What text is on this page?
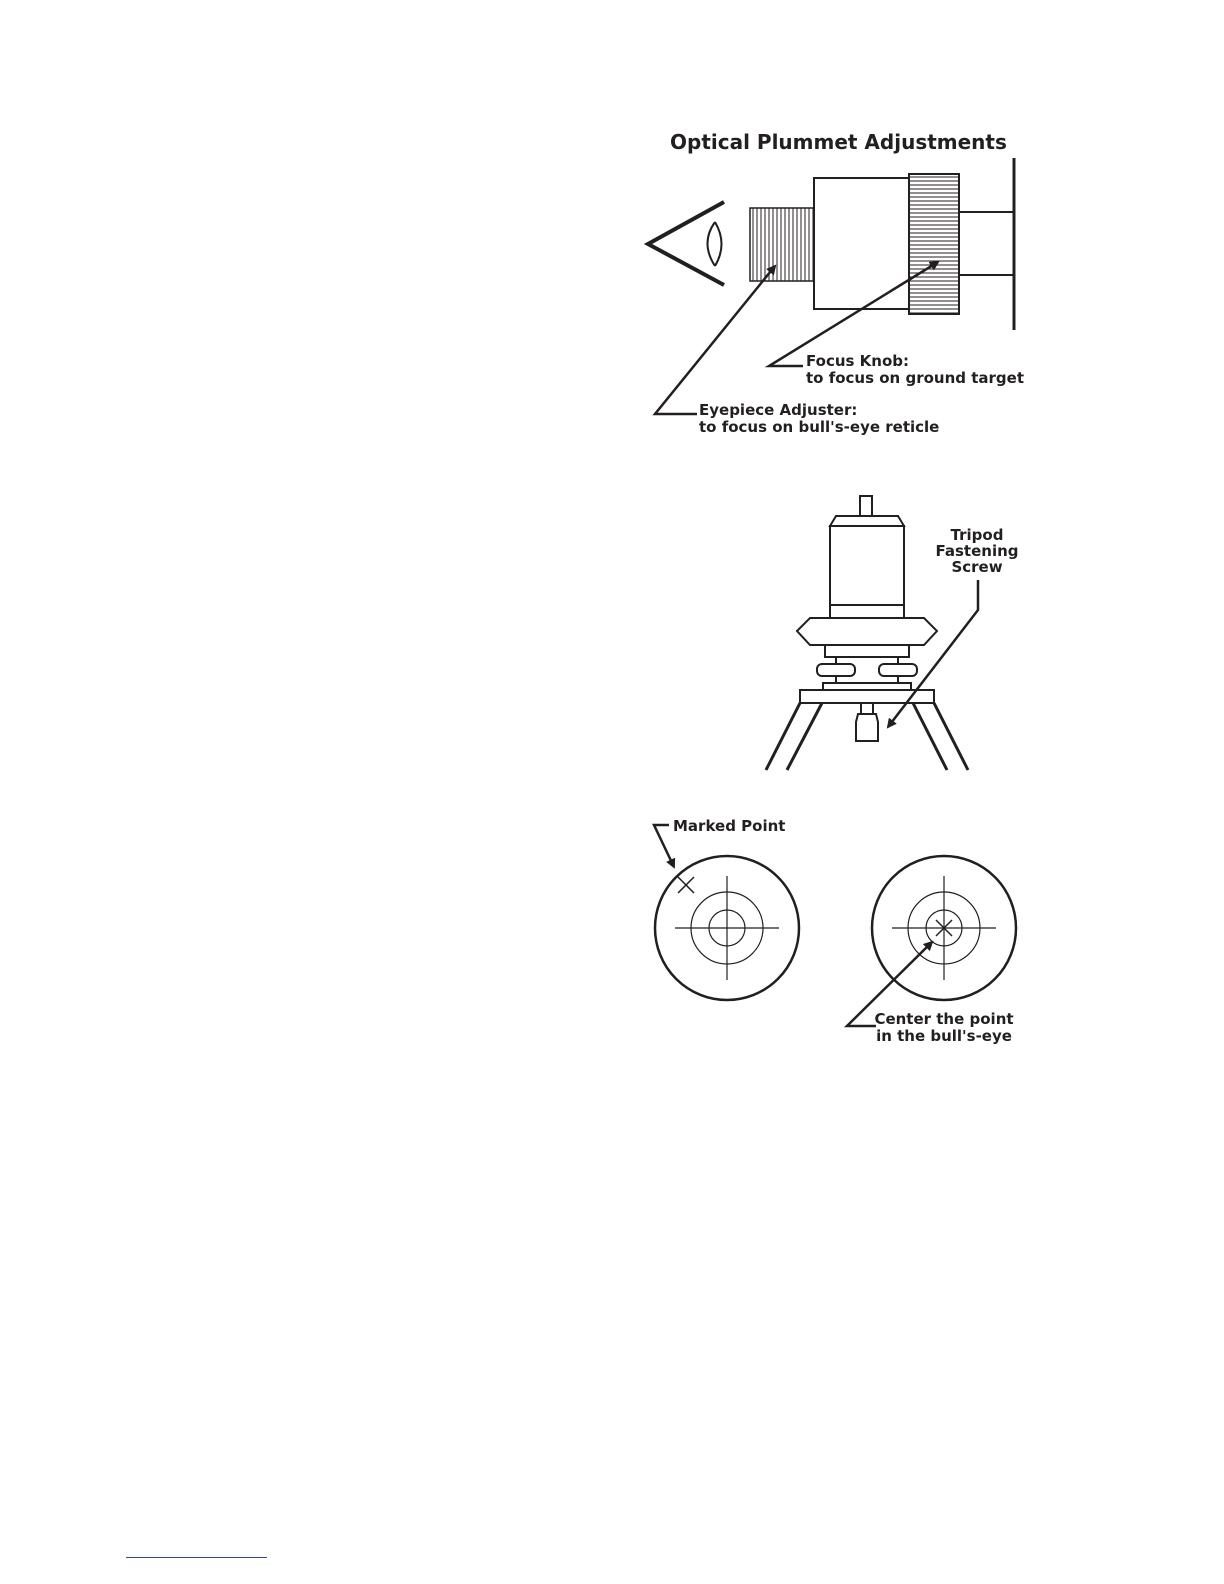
Optical Plummet Adjustments
Focus Knob:
to focus on ground target
Eyepiece Adjuster:
to focus on bull's-eye reticle
Tripod
Fastening
Screw
Marked Point
Center the point
in the bull's-eye
